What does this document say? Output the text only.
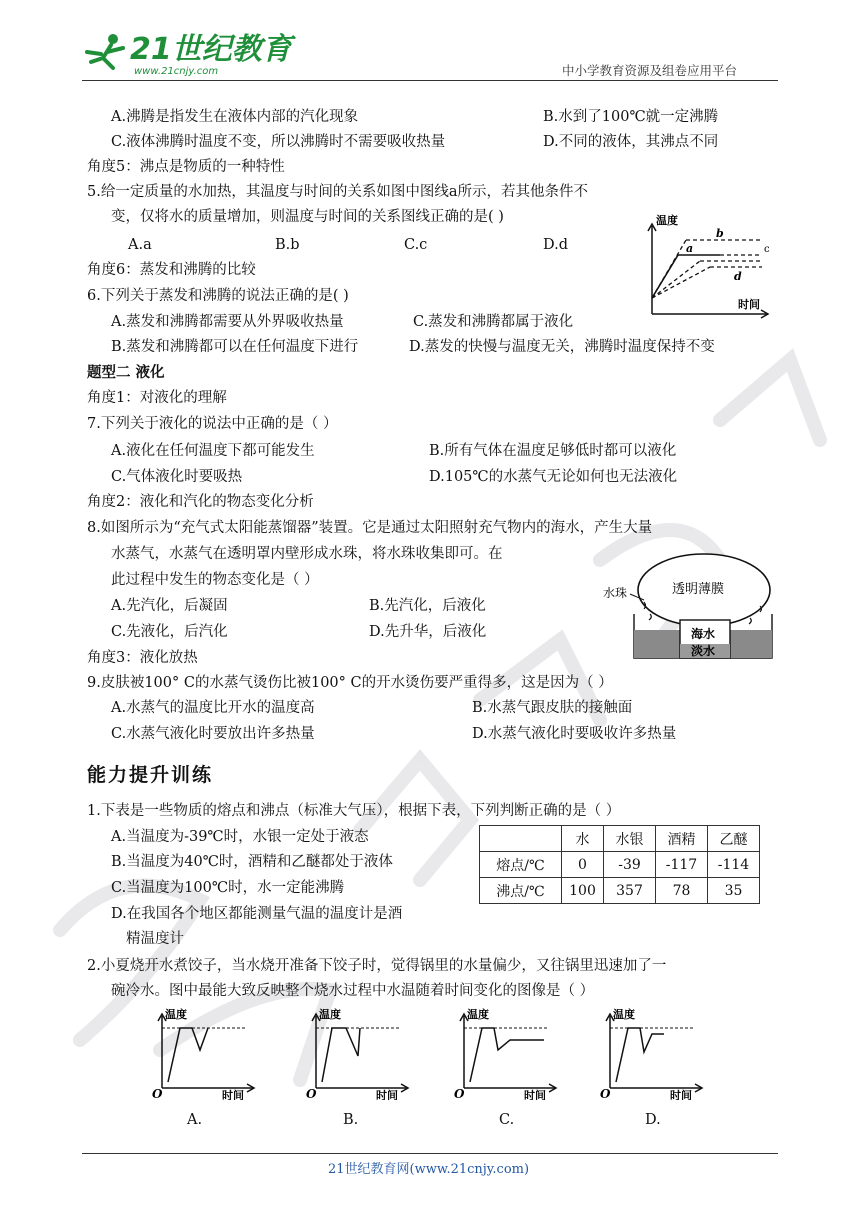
21世纪教育
www.21cnjy.com	中小学教育资源及组卷应用平台
A.沸腾是指发生在液体内部的汽化现象	B.水到了100℃就一定沸腾
C.液体沸腾时温度不变，所以沸腾时不需要吸收热量	D.不同的液体，其沸点不同
角度5：沸点是物质的一种特性
5.给一定质量的水加热，其温度与时间的关系如图中图线a所示，若其他条件不
变，仅将水的质量增加，则温度与时间的关系图线正确的是( )
A.a	B.b	C.c	D.d
温度
时间
b
a	c
d
角度6：蒸发和沸腾的比较
6.下列关于蒸发和沸腾的说法正确的是( )
A.蒸发和沸腾都需要从外界吸收热量	C.蒸发和沸腾都属于液化
B.蒸发和沸腾都可以在任何温度下进行	D.蒸发的快慢与温度无关，沸腾时温度保持不变
题型二 液化
角度1：对液化的理解
7.下列关于液化的说法中正确的是（ ）
A.液化在任何温度下都可能发生	B.所有气体在温度足够低时都可以液化
C.气体液化时要吸热	D.105℃的水蒸气无论如何也无法液化
角度2：液化和汽化的物态变化分析
8.如图所示为“充气式太阳能蒸馏器”装置。它是通过太阳照射充气物内的海水，产生大量
水蒸气，水蒸气在透明罩内壁形成水珠，将水珠收集即可。在
此过程中发生的物态变化是（ ）
A.先汽化，后凝固	B.先汽化，后液化
C.先液化，后汽化	D.先升华，后液化
透明薄膜
水珠
海水
淡水
角度3：液化放热
9.皮肤被100° C的水蒸气烫伤比被100° C的开水烫伤要严重得多，这是因为（ ）
A.水蒸气的温度比开水的温度高	B.水蒸气跟皮肤的接触面
C.水蒸气液化时要放出许多热量	D.水蒸气液化时要吸收许多热量
能力提升训练
1.下表是一些物质的熔点和沸点（标准大气压），根据下表，下列判断正确的是（ ）
A.当温度为-39℃时，水银一定处于液态
B.当温度为40℃时，酒精和乙醚都处于液体
C.当温度为100℃时，水一定能沸腾
D.在我国各个地区都能测量气温的温度计是酒
精温度计
	水	水银	酒精	乙醚
熔点/℃	0	-39	-117	-114
沸点/℃	100	357	78	35
2.小夏烧开水煮饺子，当水烧开准备下饺子时，觉得锅里的水量偏少，又往锅里迅速加了一
碗冷水。图中最能大致反映整个烧水过程中水温随着时间变化的图像是（ ）
温度
时间
O
温度
时间
O
温度
时间
O
温度
时间
O
A.	B.	C.	D.
21世纪教育网(www.21cnjy.com)
